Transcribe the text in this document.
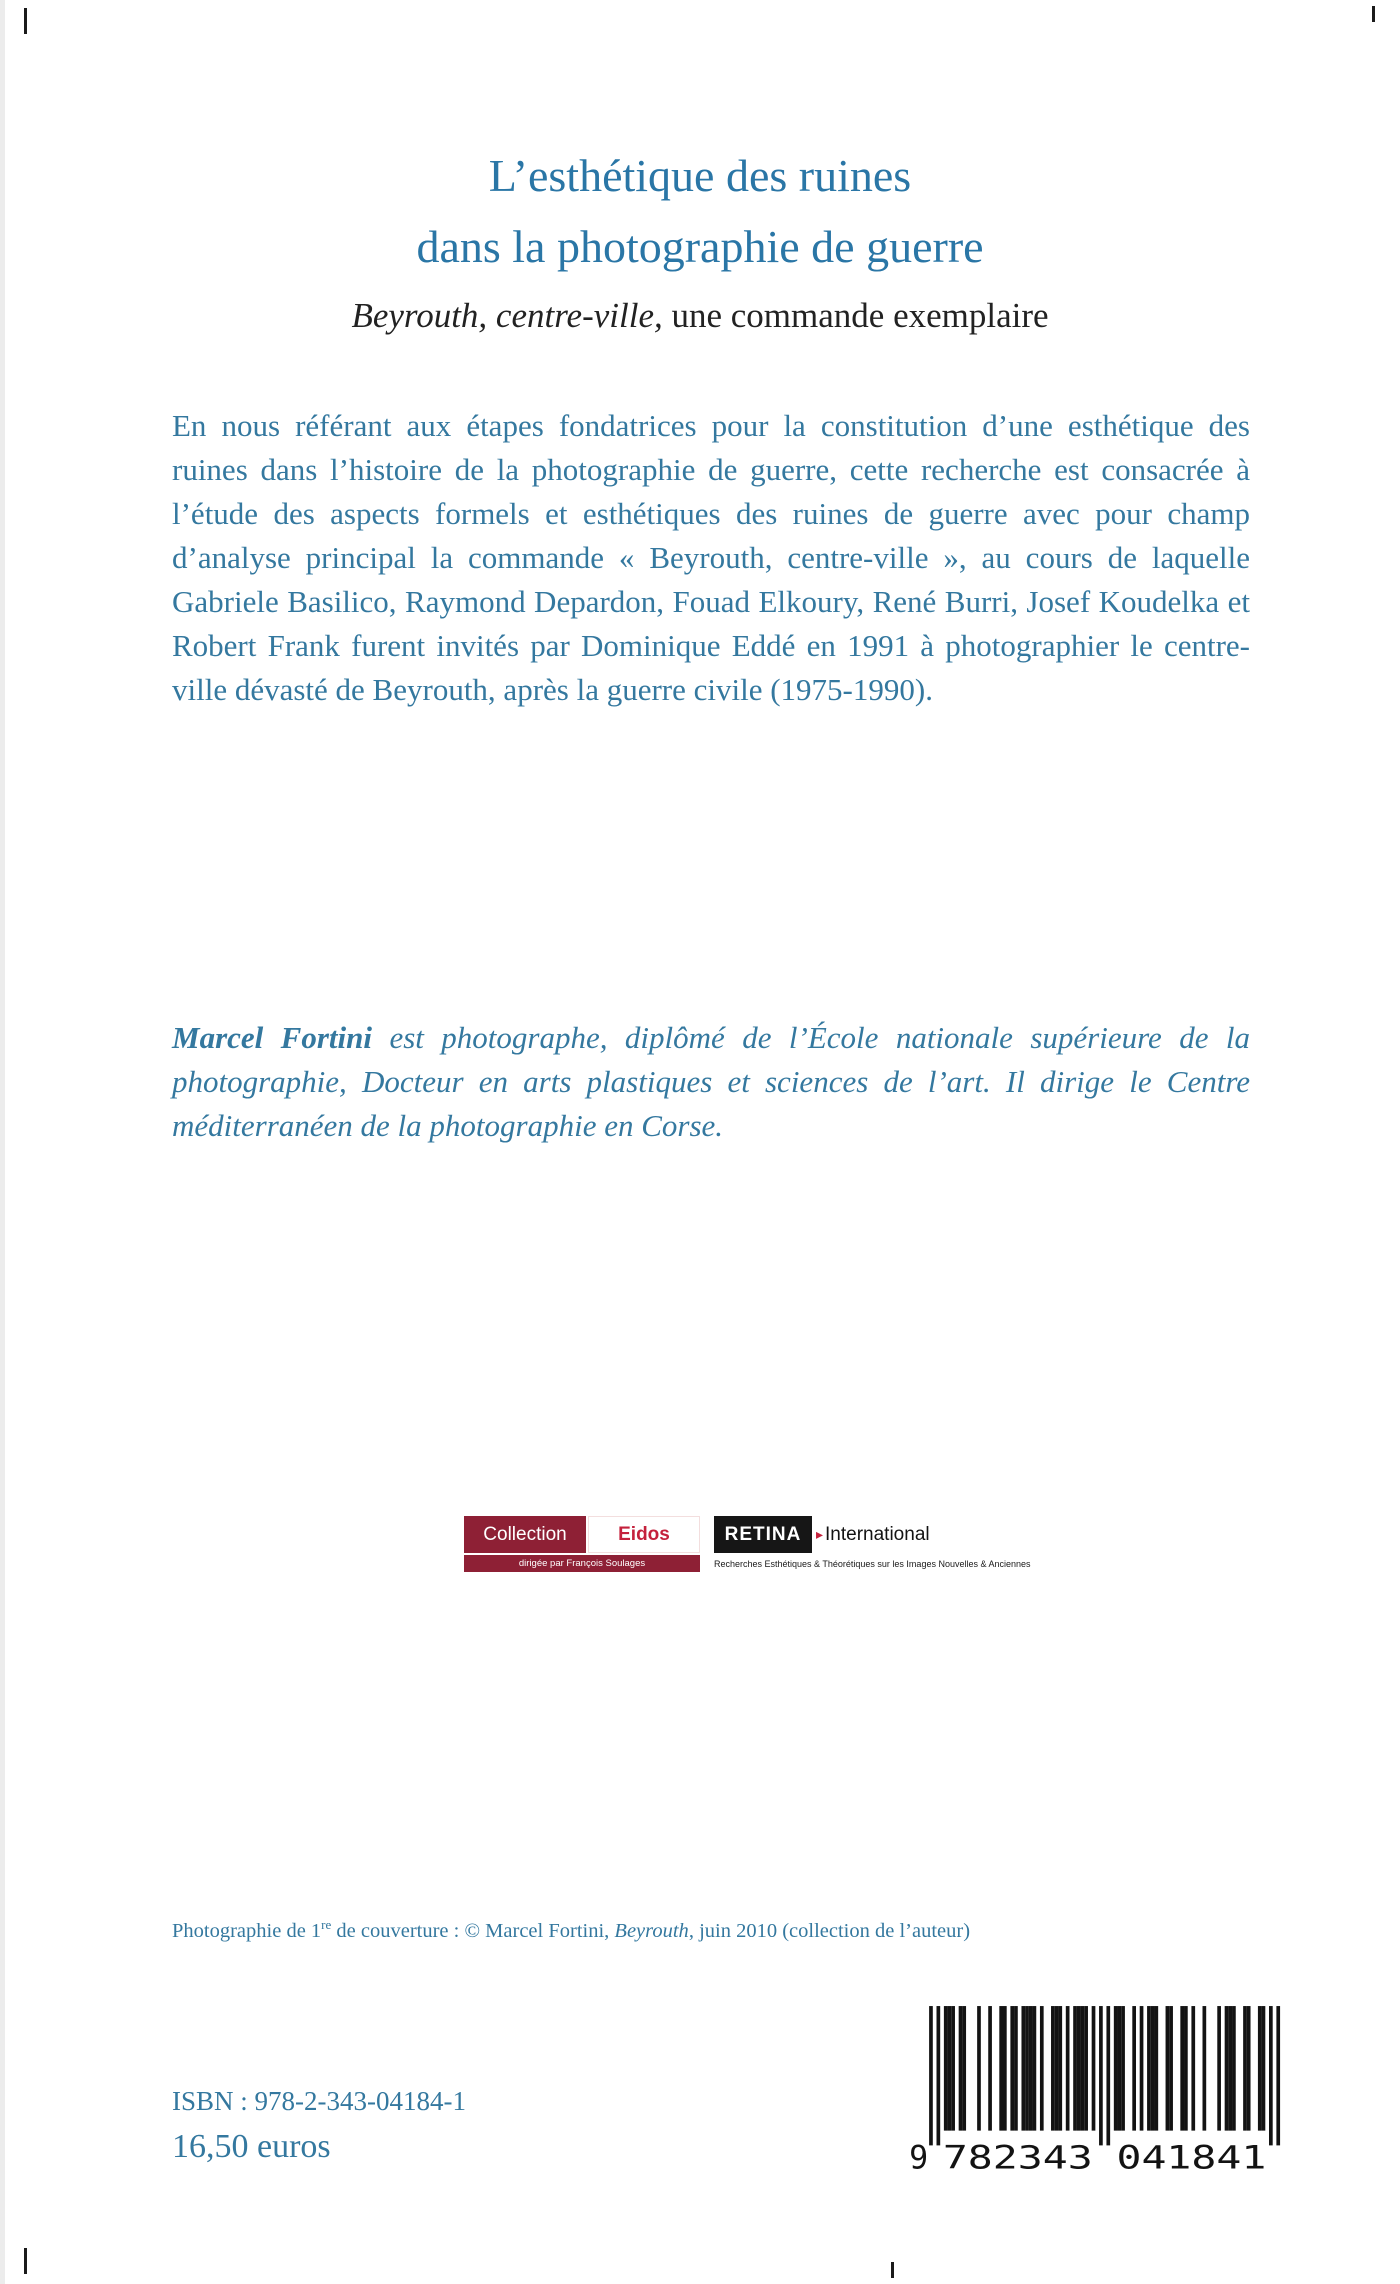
L’esthétique des ruines
dans la photographie de guerre
Beyrouth, centre-ville, une commande exemplaire

En nous référant aux étapes fondatrices pour la constitution d’une esthétique des ruines dans l’histoire de la photographie de guerre, cette recherche est consacrée à l’étude des aspects formels et esthétiques des ruines de guerre avec pour champ d’analyse principal la commande « Beyrouth, centre-ville », au cours de laquelle Gabriele Basilico, Raymond Depardon, Fouad Elkoury, René Burri, Josef Koudelka et Robert Frank furent invités par Dominique Eddé en 1991 à photographier le centre-ville dévasté de Beyrouth, après la guerre civile (1975-1990).

Marcel Fortini est photographe, diplômé de l’École nationale supérieure de la photographie, Docteur en arts plastiques et sciences de l’art. Il dirige le Centre méditerranéen de la photographie en Corse.

Collection	Eidos	RETINA	▸ International
dirigée par François Soulages	Recherches Esthétiques & Théorétiques sur les Images Nouvelles & Anciennes

Photographie de 1re de couverture : © Marcel Fortini, Beyrouth, juin 2010 (collection de l’auteur)

ISBN : 978-2-343-04184-1
16,50 euros	9 782343 041841
